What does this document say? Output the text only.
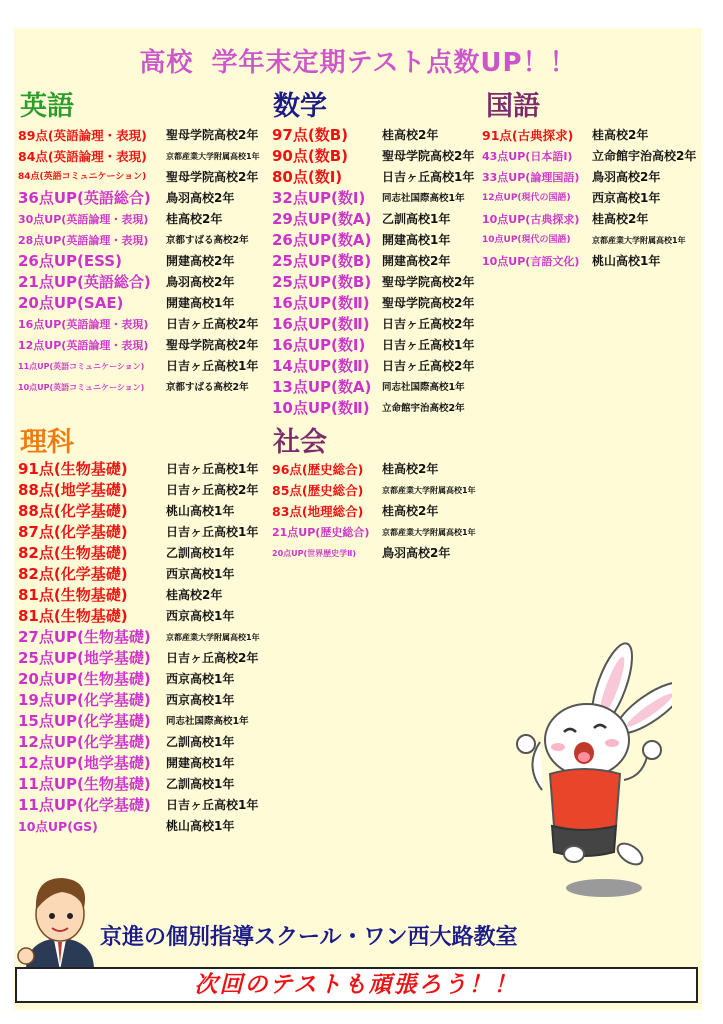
高校 学年末定期テスト点数UP！！
英語
89点(英語論理・表現) 聖母学院高校2年
84点(英語論理・表現) 京都産業大学附属高校1年
84点(英語コミュニケーション) 聖母学院高校2年
36点UP(英語総合) 鳥羽高校2年
30点UP(英語論理・表現) 桂高校2年
28点UP(英語論理・表現) 京都すばる高校2年
26点UP(ESS)	開建高校2年
21点UP(英語総合) 鳥羽高校2年
20点UP(SAE)	開建高校1年
16点UP(英語論理・表現) 日吉ヶ丘高校2年
12点UP(英語論理・表現) 聖母学院高校2年
11点UP(英語コミュニケーション) 日吉ヶ丘高校1年
10点UP(英語コミュニケーション) 京都すばる高校2年
数学
97点(数B)	桂高校2年
90点(数B)	聖母学院高校2年
80点(数Ⅰ)	日吉ヶ丘高校1年
32点UP(数Ⅰ) 同志社国際高校1年
29点UP(数A) 乙訓高校1年
26点UP(数A) 開建高校1年
25点UP(数B) 開建高校2年
25点UP(数B) 聖母学院高校2年
16点UP(数Ⅱ) 聖母学院高校2年
16点UP(数Ⅱ) 日吉ヶ丘高校2年
16点UP(数Ⅰ) 日吉ヶ丘高校1年
14点UP(数Ⅱ) 日吉ヶ丘高校2年
13点UP(数A) 同志社国際高校1年
10点UP(数Ⅱ) 立命館宇治高校2年
国語
91点(古典探求) 桂高校2年
43点UP(日本語Ⅰ) 立命館宇治高校2年
33点UP(論理国語) 鳥羽高校2年
12点UP(現代の国語) 西京高校1年
10点UP(古典探求) 桂高校2年
10点UP(現代の国語)	京都産業大学附属高校1年
10点UP(言語文化) 桃山高校1年
理科
91点(生物基礎)	日吉ヶ丘高校1年
88点(地学基礎)	日吉ヶ丘高校2年
88点(化学基礎)	桃山高校1年
87点(化学基礎)	日吉ヶ丘高校1年
82点(生物基礎)	乙訓高校1年
82点(化学基礎)	西京高校1年
81点(生物基礎)	桂高校2年
81点(生物基礎)	西京高校1年
27点UP(生物基礎) 京都産業大学附属高校1年
25点UP(地学基礎) 日吉ヶ丘高校2年
20点UP(生物基礎) 西京高校1年
19点UP(化学基礎) 西京高校1年
15点UP(化学基礎) 同志社国際高校1年
12点UP(化学基礎) 乙訓高校1年
12点UP(地学基礎) 開建高校1年
11点UP(生物基礎) 乙訓高校1年
11点UP(化学基礎) 日吉ヶ丘高校1年
10点UP(GS)	桃山高校1年
社会
96点(歴史総合) 桂高校2年
85点(歴史総合) 京都産業大学附属高校1年
83点(地理総合) 桂高校2年
21点UP(歴史総合) 京都産業大学附属高校1年
20点UP(世界歴史学Ⅱ) 鳥羽高校2年
京進の個別指導スクール・ワン西大路教室
次回のテストも頑張ろう！！
